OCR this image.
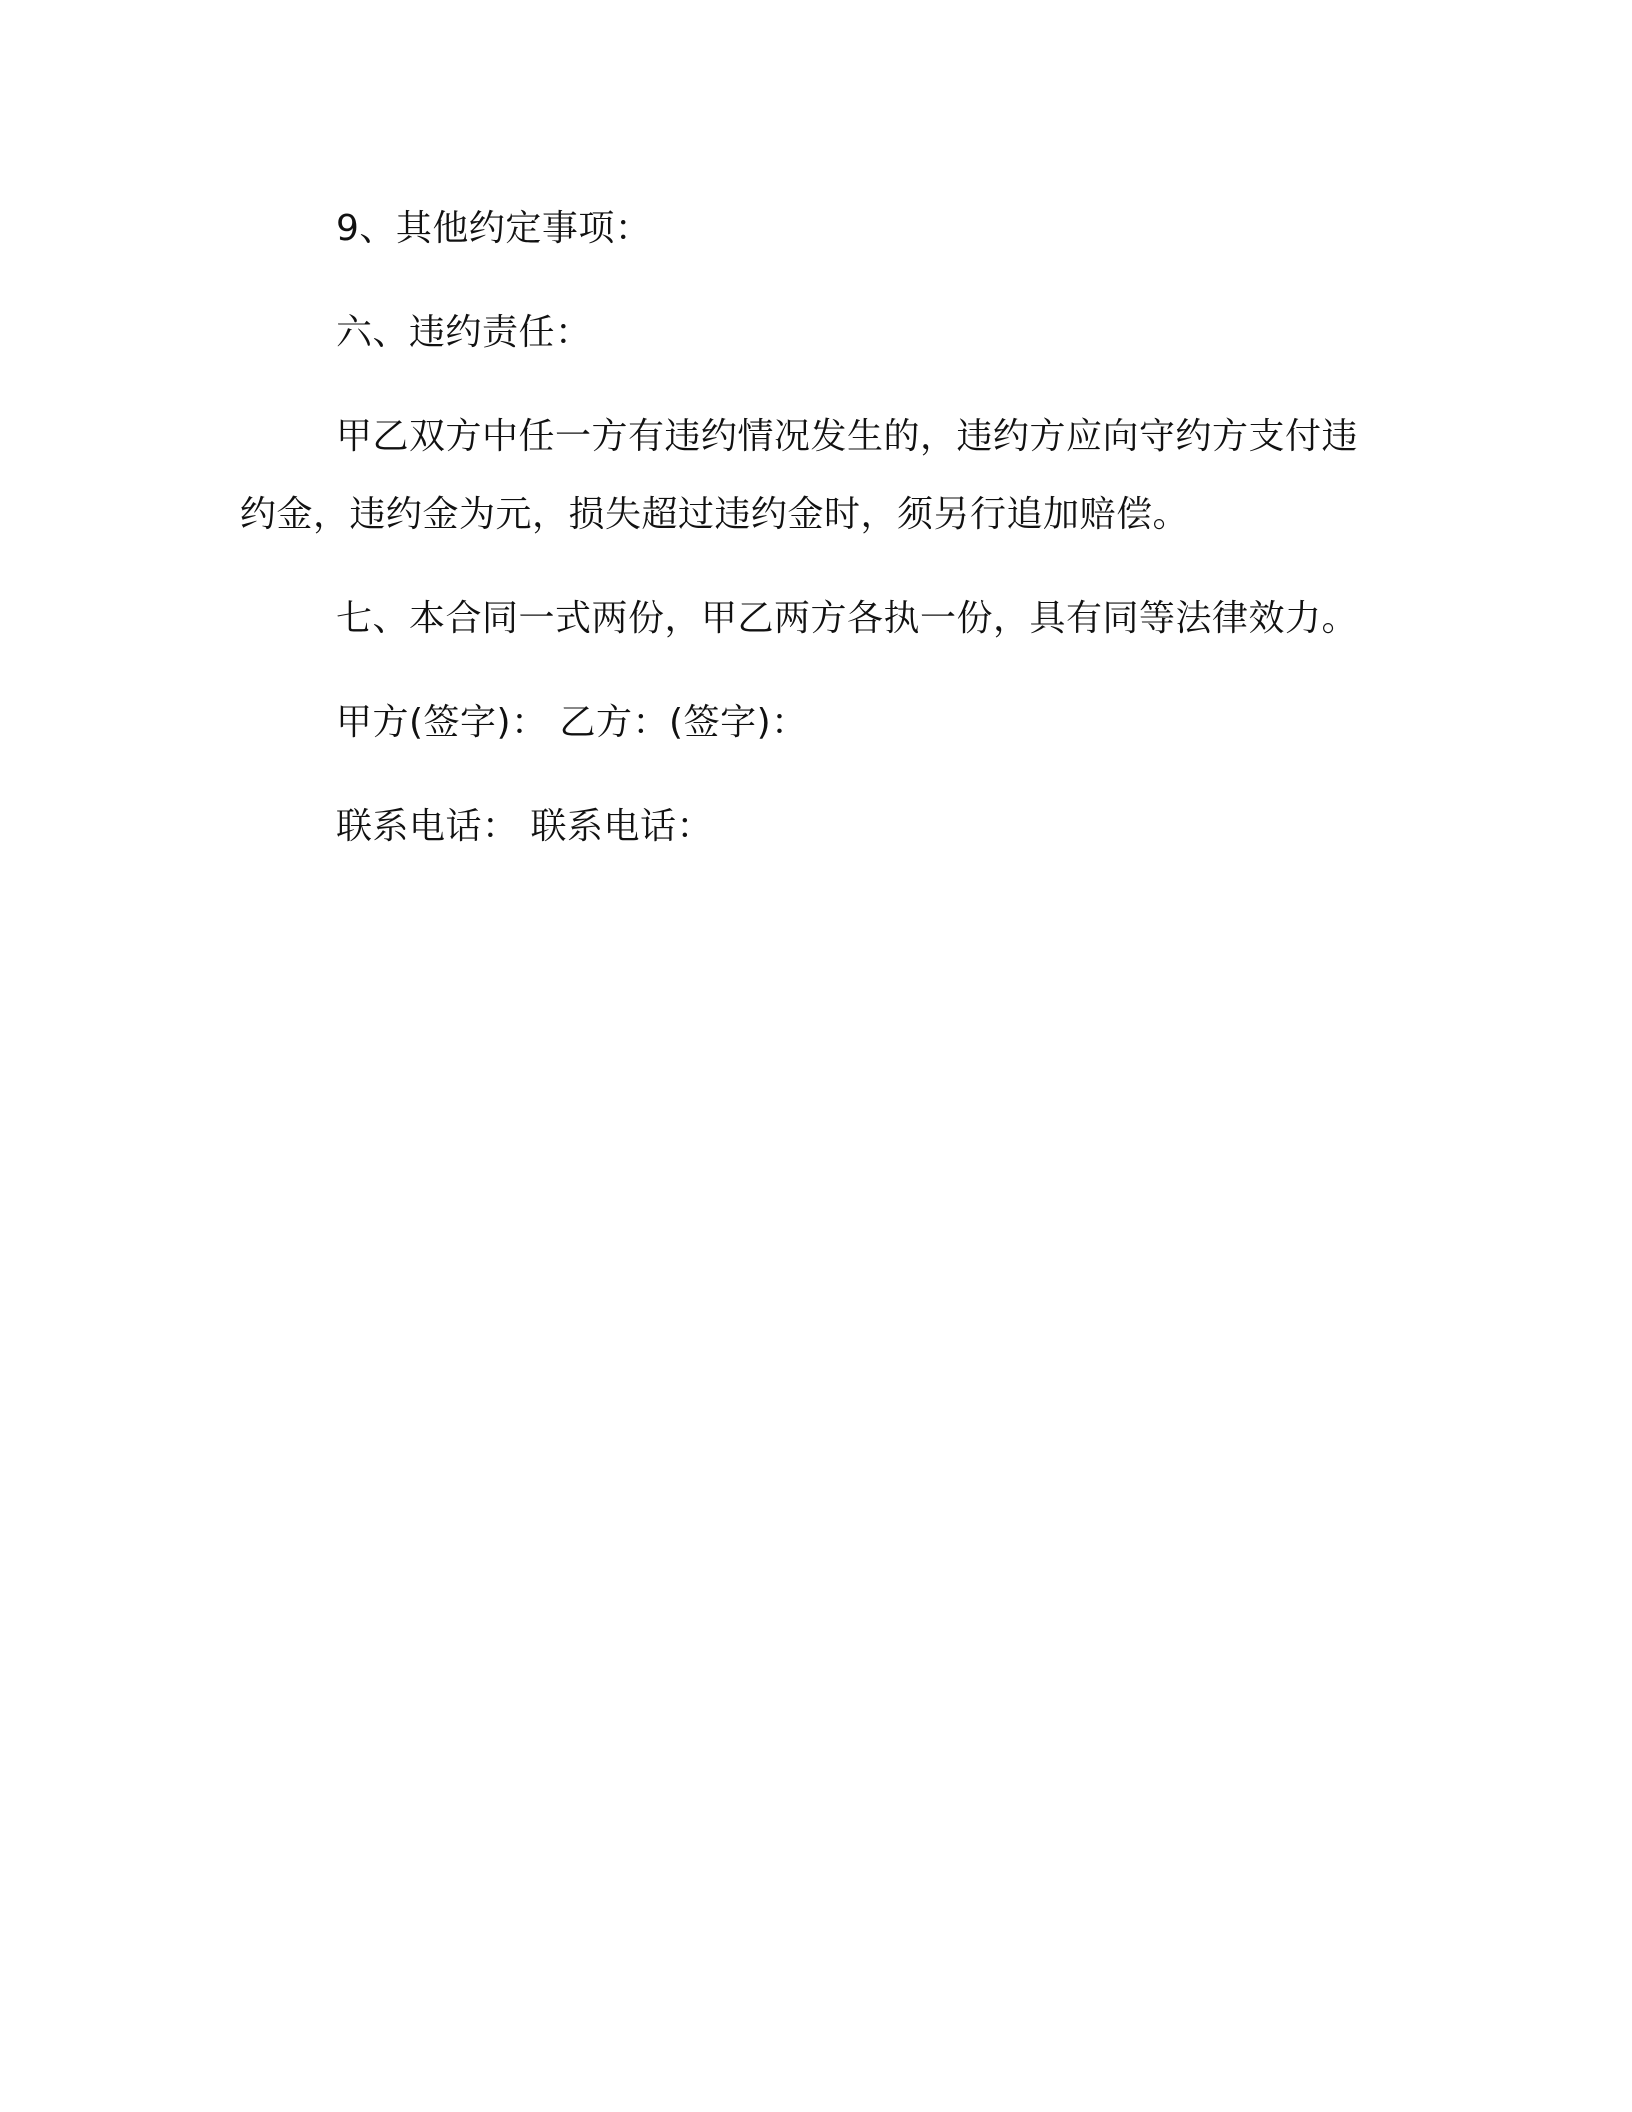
9、其他约定事项：

六、违约责任：

甲乙双方中任一方有违约情况发生的，违约方应向守约方支付违约金，违约金为元，损失超过违约金时，须另行追加赔偿。

七、本合同一式两份，甲乙两方各执一份，具有同等法律效力。

甲方(签字)： 乙方：(签字)：

联系电话： 联系电话：
